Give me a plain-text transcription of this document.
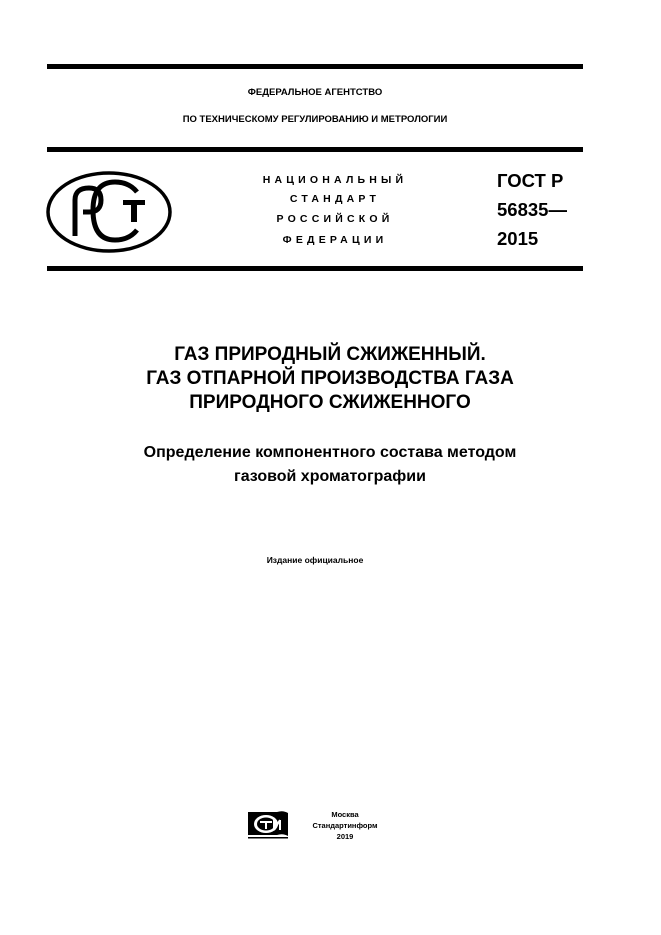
ФЕДЕРАЛЬНОЕ АГЕНТСТВО
ПО ТЕХНИЧЕСКОМУ РЕГУЛИРОВАНИЮ И МЕТРОЛОГИИ
НАЦИОНАЛЬНЫЙ
СТАНДАРТ
РОССИЙСКОЙ
ФЕДЕРАЦИИ
ГОСТ Р
56835—
2015
ГАЗ ПРИРОДНЫЙ СЖИЖЕННЫЙ.
ГАЗ ОТПАРНОЙ ПРОИЗВОДСТВА ГАЗА
ПРИРОДНОГО СЖИЖЕННОГО
Определение компонентного состава методом
газовой хроматографии
Издание официальное
Москва
Стандартинформ
2019
